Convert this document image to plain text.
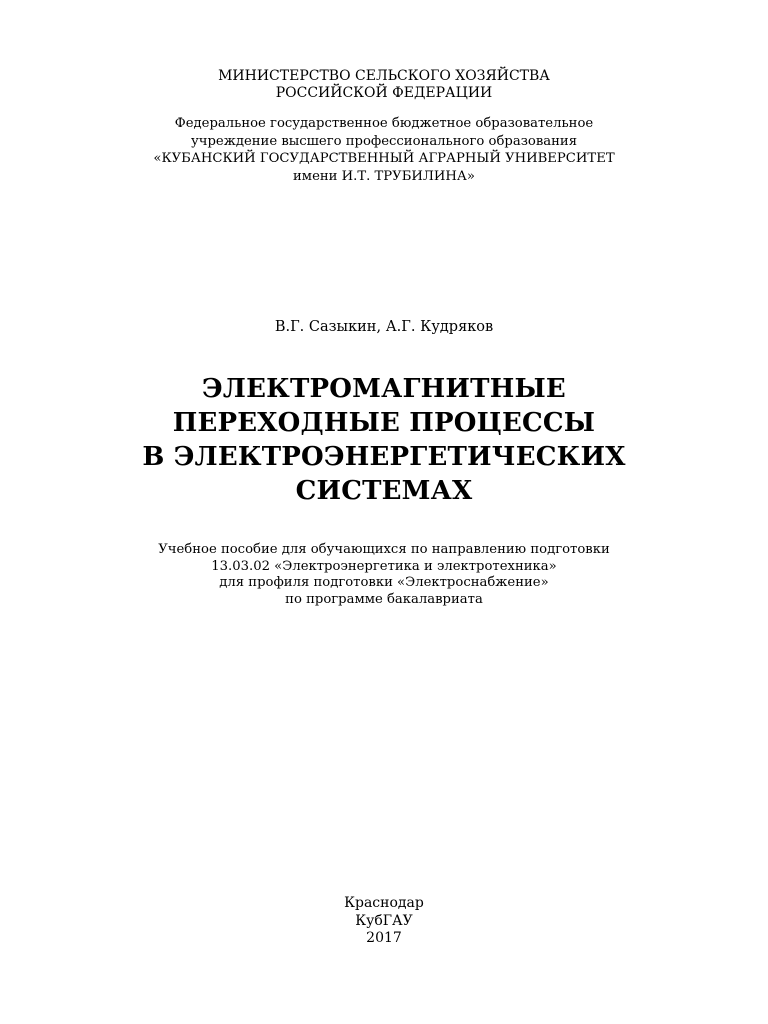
МИНИСТЕРСТВО СЕЛЬСКОГО ХОЗЯЙСТВА
РОССИЙСКОЙ ФЕДЕРАЦИИ
Федеральное государственное бюджетное образовательное
учреждение высшего профессионального образования
«КУБАНСКИЙ ГОСУДАРСТВЕННЫЙ АГРАРНЫЙ УНИВЕРСИТЕТ
имени И.Т. ТРУБИЛИНА»
В.Г. Сазыкин, А.Г. Кудряков
ЭЛЕКТРОМАГНИТНЫЕ
ПЕРЕХОДНЫЕ ПРОЦЕССЫ
В ЭЛЕКТРОЭНЕРГЕТИЧЕСКИХ
СИСТЕМАХ
Учебное пособие для обучающихся по направлению подготовки
13.03.02 «Электроэнергетика и электротехника»
для профиля подготовки «Электроснабжение»
по программе бакалавриата
Краснодар
КубГАУ
2017
